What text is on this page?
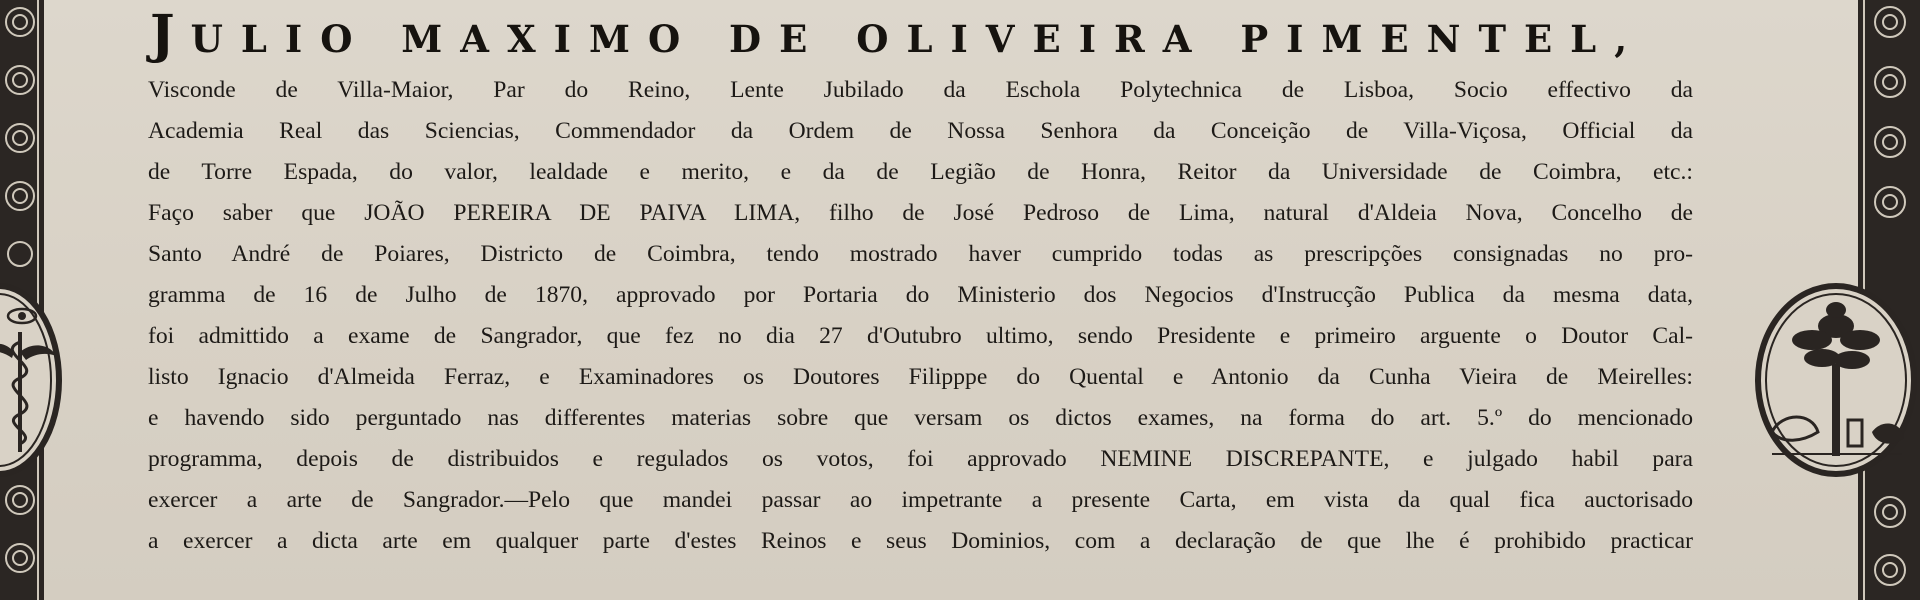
JULIO MAXIMO DE OLIVEIRA PIMENTEL,
Visconde de Villa-Maior, Par do Reino, Lente Jubilado da Eschola Polytechnica de Lisboa, Socio effectivo da
Academia Real das Sciencias, Commendador da Ordem de Nossa Senhora da Conceição de Villa-Viçosa, Official da
de Torre Espada, do valor, lealdade e merito, e da de Legião de Honra, Reitor da Universidade de Coimbra, etc.:
Faço saber que JOÃO PEREIRA DE PAIVA LIMA, filho de José Pedroso de Lima, natural d'Aldeia Nova, Concelho de
Santo André de Poiares, Districto de Coimbra, tendo mostrado haver cumprido todas as prescripções consignadas no pro-
gramma de 16 de Julho de 1870, approvado por Portaria do Ministerio dos Negocios d'Instrucção Publica da mesma data,
foi admittido a exame de Sangrador, que fez no dia 27 d'Outubro ultimo, sendo Presidente e primeiro arguente o Doutor Cal-
listo Ignacio d'Almeida Ferraz, e Examinadores os Doutores Filipppe do Quental e Antonio da Cunha Vieira de Meirelles:
e havendo sido perguntado nas differentes materias sobre que versam os dictos exames, na forma do art. 5.º do mencionado
programma, depois de distribuidos e regulados os votos, foi approvado NEMINE DISCREPANTE, e julgado habil para
exercer a arte de Sangrador.—Pelo que mandei passar ao impetrante a presente Carta, em vista da qual fica auctorisado
a exercer a dicta arte em qualquer parte d'estes Reinos e seus Dominios, com a declaração de que lhe é prohibido practicar
